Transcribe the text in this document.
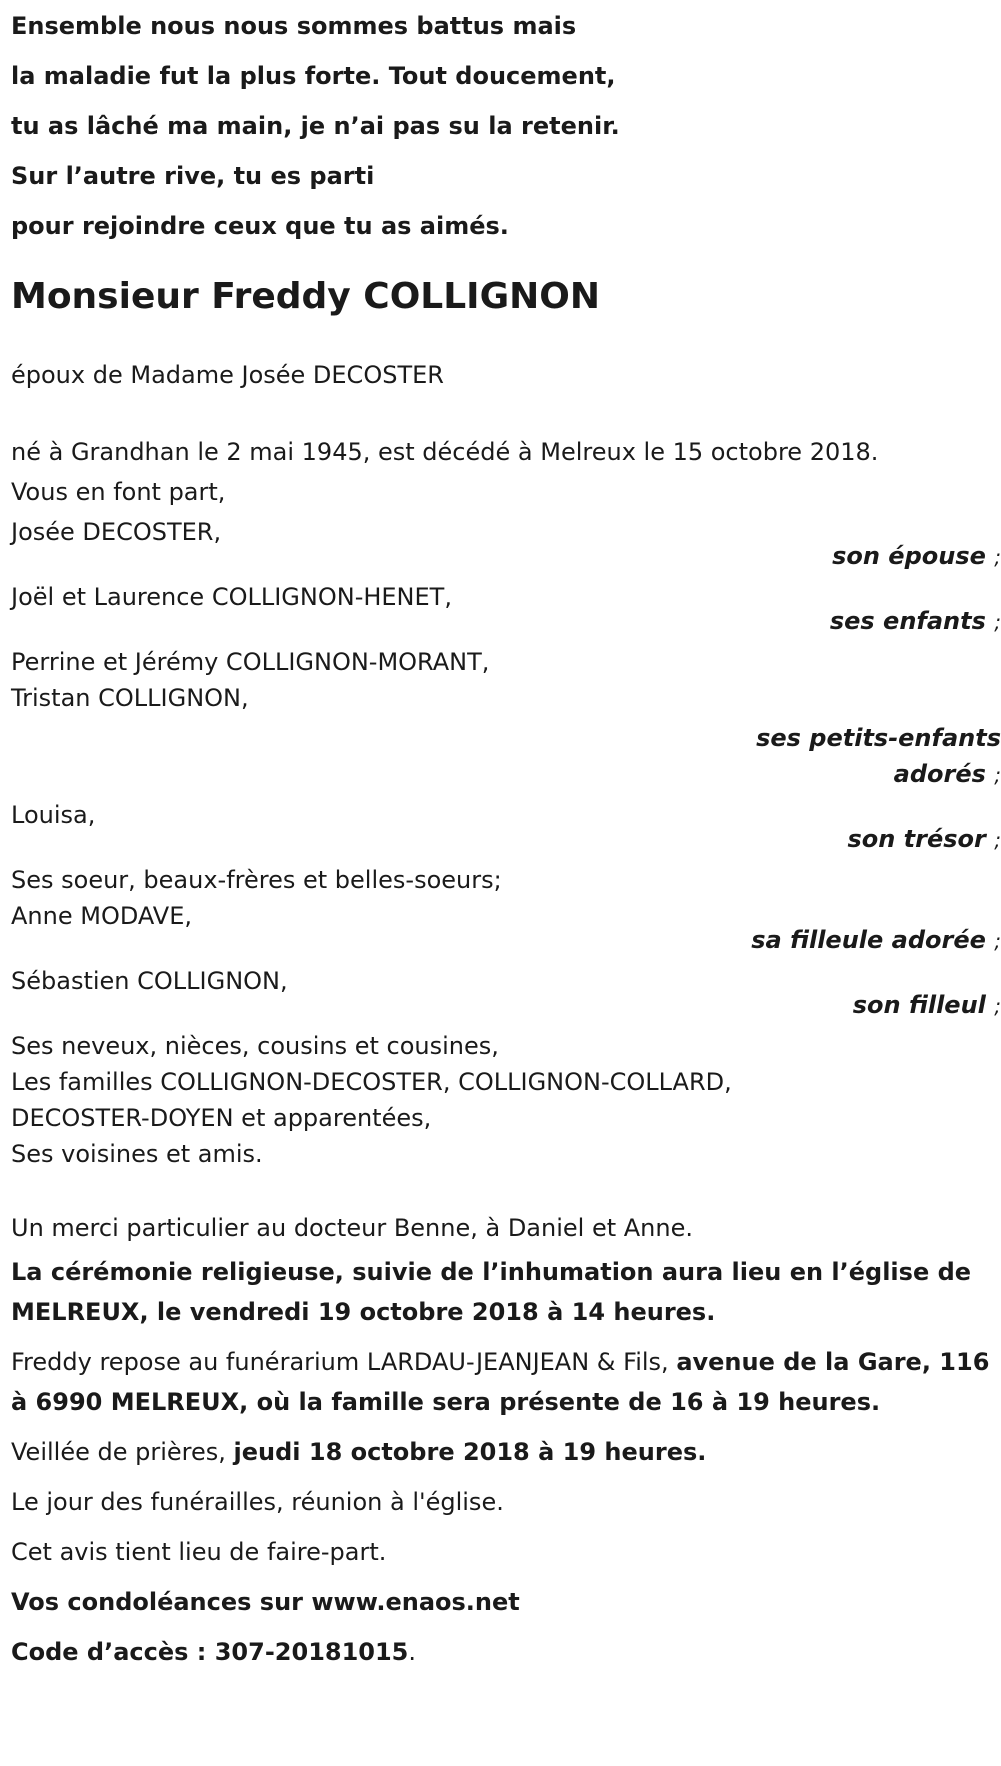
Ensemble nous nous sommes battus mais

la maladie fut la plus forte. Tout doucement,

tu as lâché ma main, je n’ai pas su la retenir.

Sur l’autre rive, tu es parti

pour rejoindre ceux que tu as aimés.

Monsieur Freddy COLLIGNON

époux de Madame Josée DECOSTER

né à Grandhan le 2 mai 1945, est décédé à Melreux le 15 octobre 2018.

Vous en font part,

Josée DECOSTER,
son épouse ;
Joël et Laurence COLLIGNON-HENET,
ses enfants ;
Perrine et Jérémy COLLIGNON-MORANT,
Tristan COLLIGNON,
ses petits-enfants
adorés ;
Louisa,
son trésor ;
Ses soeur, beaux-frères et belles-soeurs;
Anne MODAVE,
sa filleule adorée ;
Sébastien COLLIGNON,
son filleul ;

Ses neveux, nièces, cousins et cousines,

Les familles COLLIGNON-DECOSTER, COLLIGNON-COLLARD,

DECOSTER-DOYEN et apparentées,

Ses voisines et amis.

Un merci particulier au docteur Benne, à Daniel et Anne.

La cérémonie religieuse, suivie de l’inhumation aura lieu en l’église de MELREUX, le vendredi 19 octobre 2018 à 14 heures.

Freddy repose au funérarium LARDAU-JEANJEAN & Fils, avenue de la Gare, 116 à 6990 MELREUX, où la famille sera présente de 16 à 19 heures.

Veillée de prières, jeudi 18 octobre 2018 à 19 heures.

Le jour des funérailles, réunion à l'église.

Cet avis tient lieu de faire-part.

Vos condoléances sur www.enaos.net

Code d’accès : 307-20181015.
